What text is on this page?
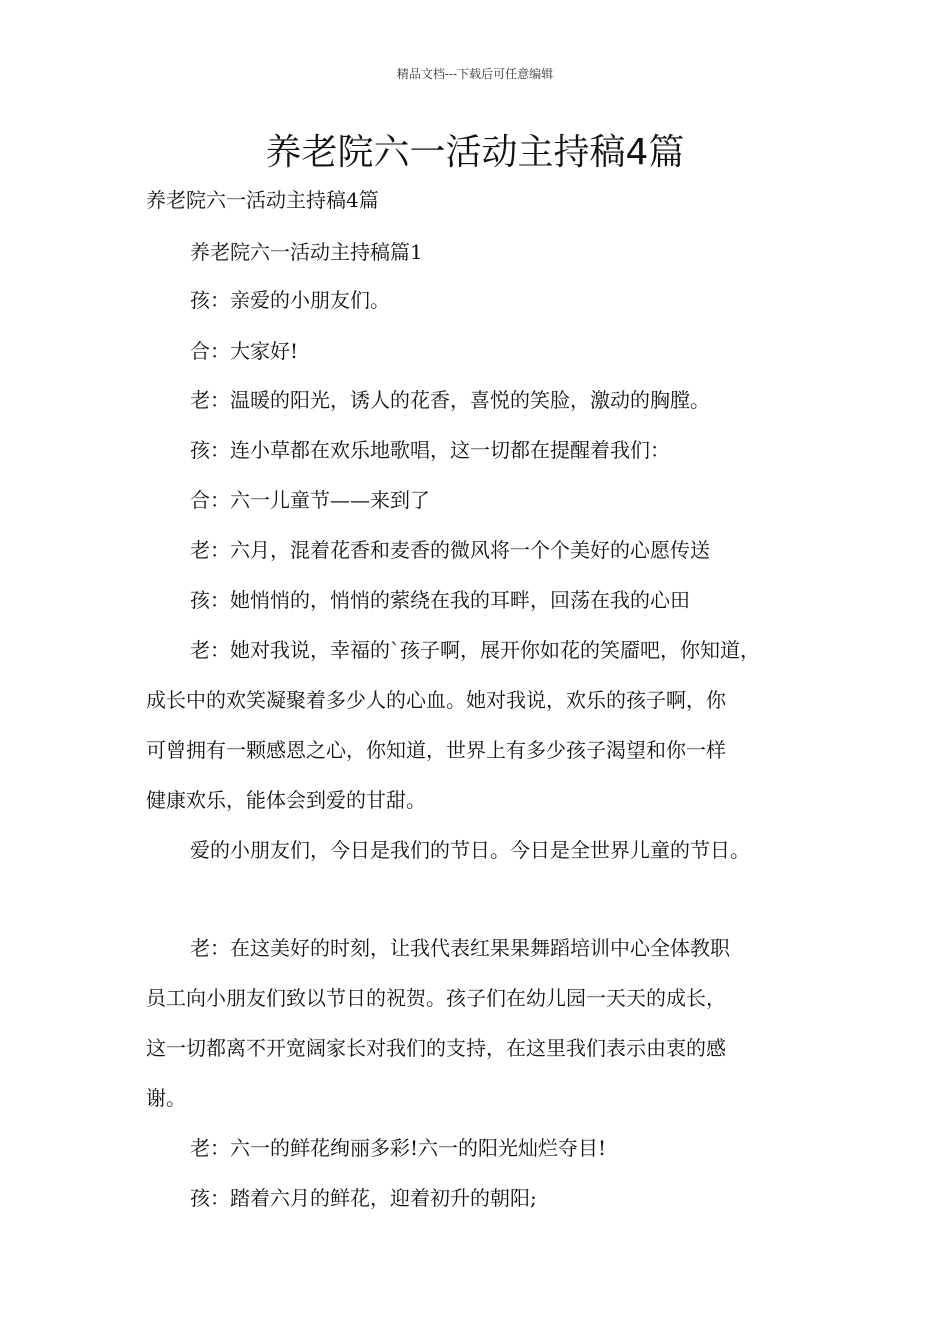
精品文档---下载后可任意编辑
养老院六一活动主持稿4篇
养老院六一活动主持稿4篇
养老院六一活动主持稿篇1
孩：亲爱的小朋友们。
合：大家好!
老：温暖的阳光，诱人的花香，喜悦的笑脸，激动的胸膛。
孩：连小草都在欢乐地歌唱，这一切都在提醒着我们：
合：六一儿童节——来到了
老：六月，混着花香和麦香的微风将一个个美好的心愿传送
孩：她悄悄的，悄悄的萦绕在我的耳畔，回荡在我的心田
老：她对我说，幸福的`孩子啊，展开你如花的笑靥吧，你知道，
成长中的欢笑凝聚着多少人的心血。她对我说，欢乐的孩子啊，你
可曾拥有一颗感恩之心，你知道，世界上有多少孩子渴望和你一样
健康欢乐，能体会到爱的甘甜。
爱的小朋友们，今日是我们的节日。今日是全世界儿童的节日。
老：在这美好的时刻，让我代表红果果舞蹈培训中心全体教职
员工向小朋友们致以节日的祝贺。孩子们在幼儿园一天天的成长，
这一切都离不开宽阔家长对我们的支持，在这里我们表示由衷的感
谢。
老：六一的鲜花绚丽多彩!六一的阳光灿烂夺目!
孩：踏着六月的鲜花，迎着初升的朝阳;
